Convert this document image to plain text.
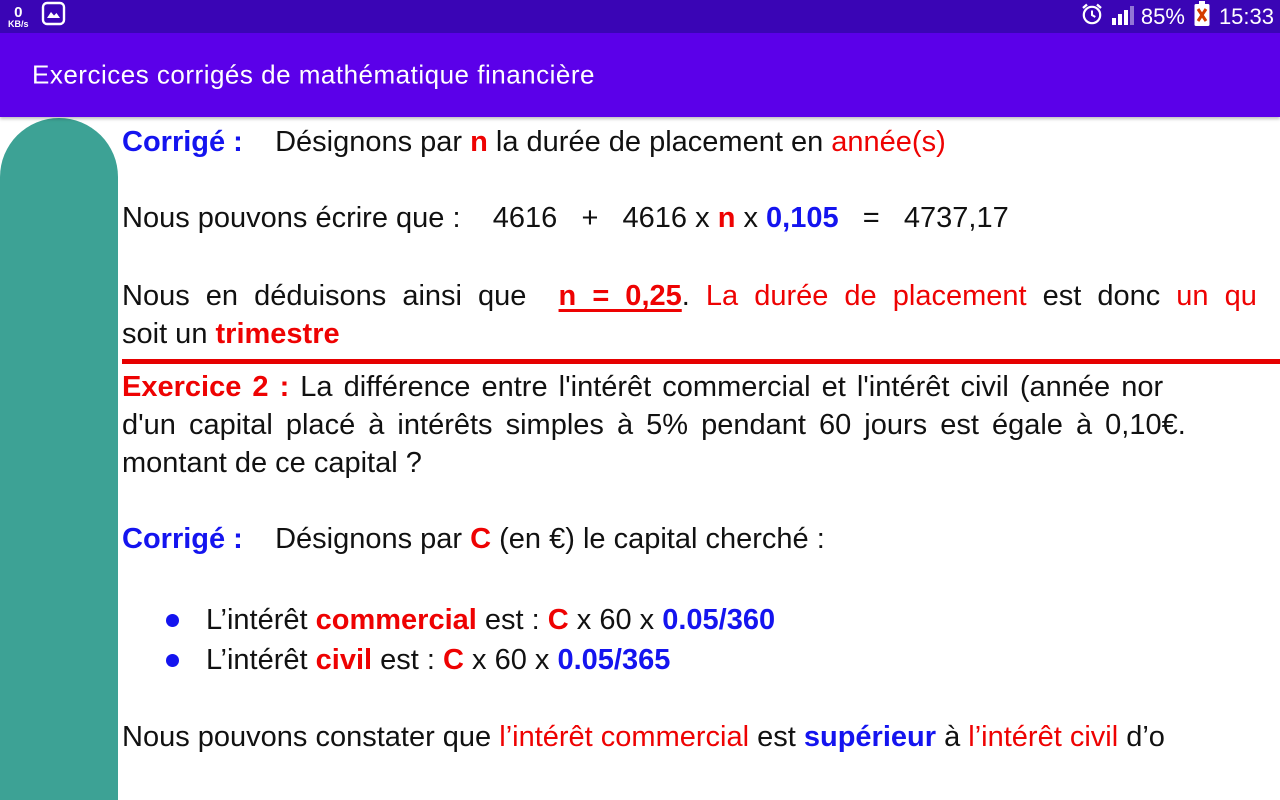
0
KB/s	85% 15:33
Exercices corrigés de mathématique financière

Corrigé :    Désignons par n la durée de placement en année(s)

Nous pouvons écrire que :    4616   +   4616 x n x 0,105   =   4737,17

Nous en déduisons ainsi que  n = 0,25. La durée de placement est donc un qu

soit un trimestre

Exercice 2 : La différence entre l'intérêt commercial et l'intérêt civil (année nor

d'un capital placé à intérêts simples à 5% pendant 60 jours est égale à 0,10€.

montant de ce capital ?

Corrigé :    Désignons par C (en €) le capital cherché :

L’intérêt commercial est : C x 60 x 0.05/360
L’intérêt civil est : C x 60 x 0.05/365

Nous pouvons constater que l’intérêt commercial est supérieur à l’intérêt civil d’o
